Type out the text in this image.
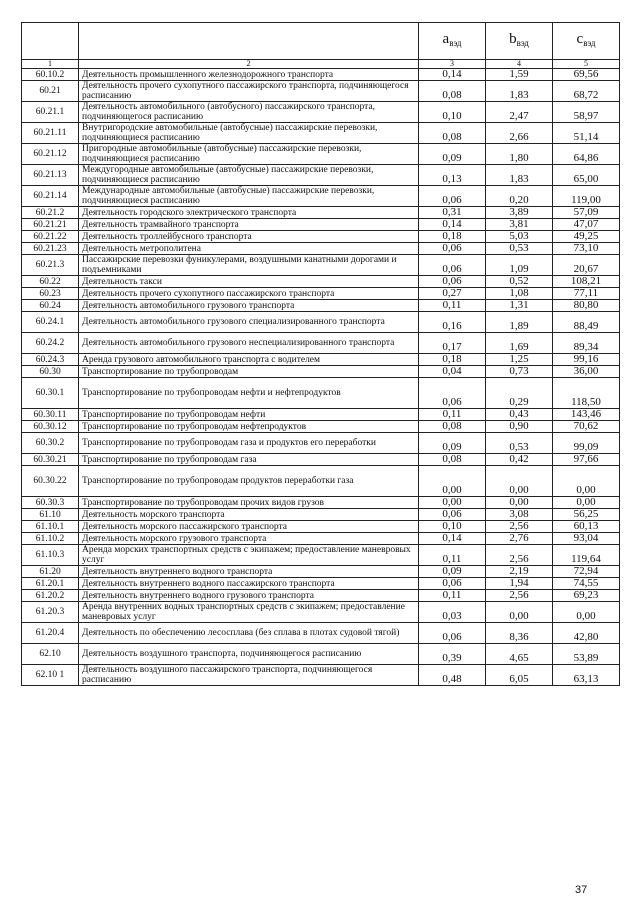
		$a_{вэд}$	$b_{вэд}$	$c_{вэд}$
1	2	3	4	5
60.10.2	Деятельность промышленного железнодорожного транспорта	0,14	1,59	69,56
60.21	Деятельность прочего сухопутного пассажирского транспорта, подчиняющегося расписанию	0,08	1,83	68,72
60.21.1	Деятельность автомобильного (автобусного) пассажирского транспорта, подчиняющегося расписанию	0,10	2,47	58,97
60.21.11	Внутригородские автомобильные (автобусные) пассажирские перевозки, подчиняющиеся расписанию	0,08	2,66	51,14
60.21.12	Пригородные автомобильные (автобусные) пассажирские перевозки, подчиняющиеся расписанию	0,09	1,80	64,86
60.21.13	Междугородные автомобильные (автобусные) пассажирские перевозки, подчиняющиеся расписанию	0,13	1,83	65,00
60.21.14	Международные автомобильные (автобусные) пассажирские перевозки, подчиняющиеся расписанию	0,06	0,20	119,00
60.21.2	Деятельность городского электрического транспорта	0,31	3,89	57,09
60.21.21	Деятельность трамвайного транспорта	0,14	3,81	47,07
60.21.22	Деятельность троллейбусного транспорта	0,18	5,03	49,25
60.21.23	Деятельность метрополитена	0,06	0,53	73,10
60.21.3	Пассажирские перевозки фуникулерами, воздушными канатными дорогами и подъемниками	0,06	1,09	20,67
60.22	Деятельность такси	0,06	0,52	108,21
60.23	Деятельность прочего сухопутного пассажирского транспорта	0,27	1,08	77,11
60.24	Деятельность автомобильного грузового транспорта	0,11	1,31	80,80
60.24.1	Деятельность автомобильного грузового специализированного транспорта	0,16	1,89	88,49
60.24.2	Деятельность автомобильного грузового неспециализированного транспорта	0,17	1,69	89,34
60.24.3	Аренда грузового автомобильного транспорта с водителем	0,18	1,25	99,16
60.30	Транспортирование по трубопроводам	0,04	0,73	36,00
60.30.1	Транспортирование по трубопроводам нефти и нефтепродуктов	0,06	0,29	118,50
60.30.11	Транспортирование по трубопроводам нефти	0,11	0,43	143,46
60.30.12	Транспортирование по трубопроводам нефтепродуктов	0,08	0,90	70,62
60.30.2	Транспортирование по трубопроводам газа и продуктов его переработки	0,09	0,53	99,09
60.30.21	Транспортирование по трубопроводам газа	0,08	0,42	97,66
60.30.22	Транспортирование по трубопроводам продуктов переработки газа	0,00	0,00	0,00
60.30.3	Транспортирование по трубопроводам прочих видов грузов	0,00	0,00	0,00
61.10	Деятельность морского транспорта	0,06	3,08	56,25
61.10.1	Деятельность морского пассажирского транспорта	0,10	2,56	60,13
61.10.2	Деятельность морского грузового транспорта	0,14	2,76	93,04
61.10.3	Аренда морских транспортных средств с экипажем; предоставление маневровых услуг	0,11	2,56	119,64
61.20	Деятельность внутреннего водного транспорта	0,09	2,19	72,94
61.20.1	Деятельность внутреннего водного пассажирского транспорта	0,06	1,94	74,55
61.20.2	Деятельность внутреннего водного грузового транспорта	0,11	2,56	69,23
61.20.3	Аренда внутренних водных транспортных средств с экипажем; предоставление маневровых услуг	0,03	0,00	0,00
61.20.4	Деятельность по обеспечению лесосплава (без сплава в плотах судовой тягой)	0,06	8,36	42,80
62.10	Деятельность воздушного транспорта, подчиняющегося расписанию	0,39	4,65	53,89
62.10 1	Деятельность воздушного пассажирского транспорта, подчиняющегося расписанию	0,48	6,05	63,13
37
